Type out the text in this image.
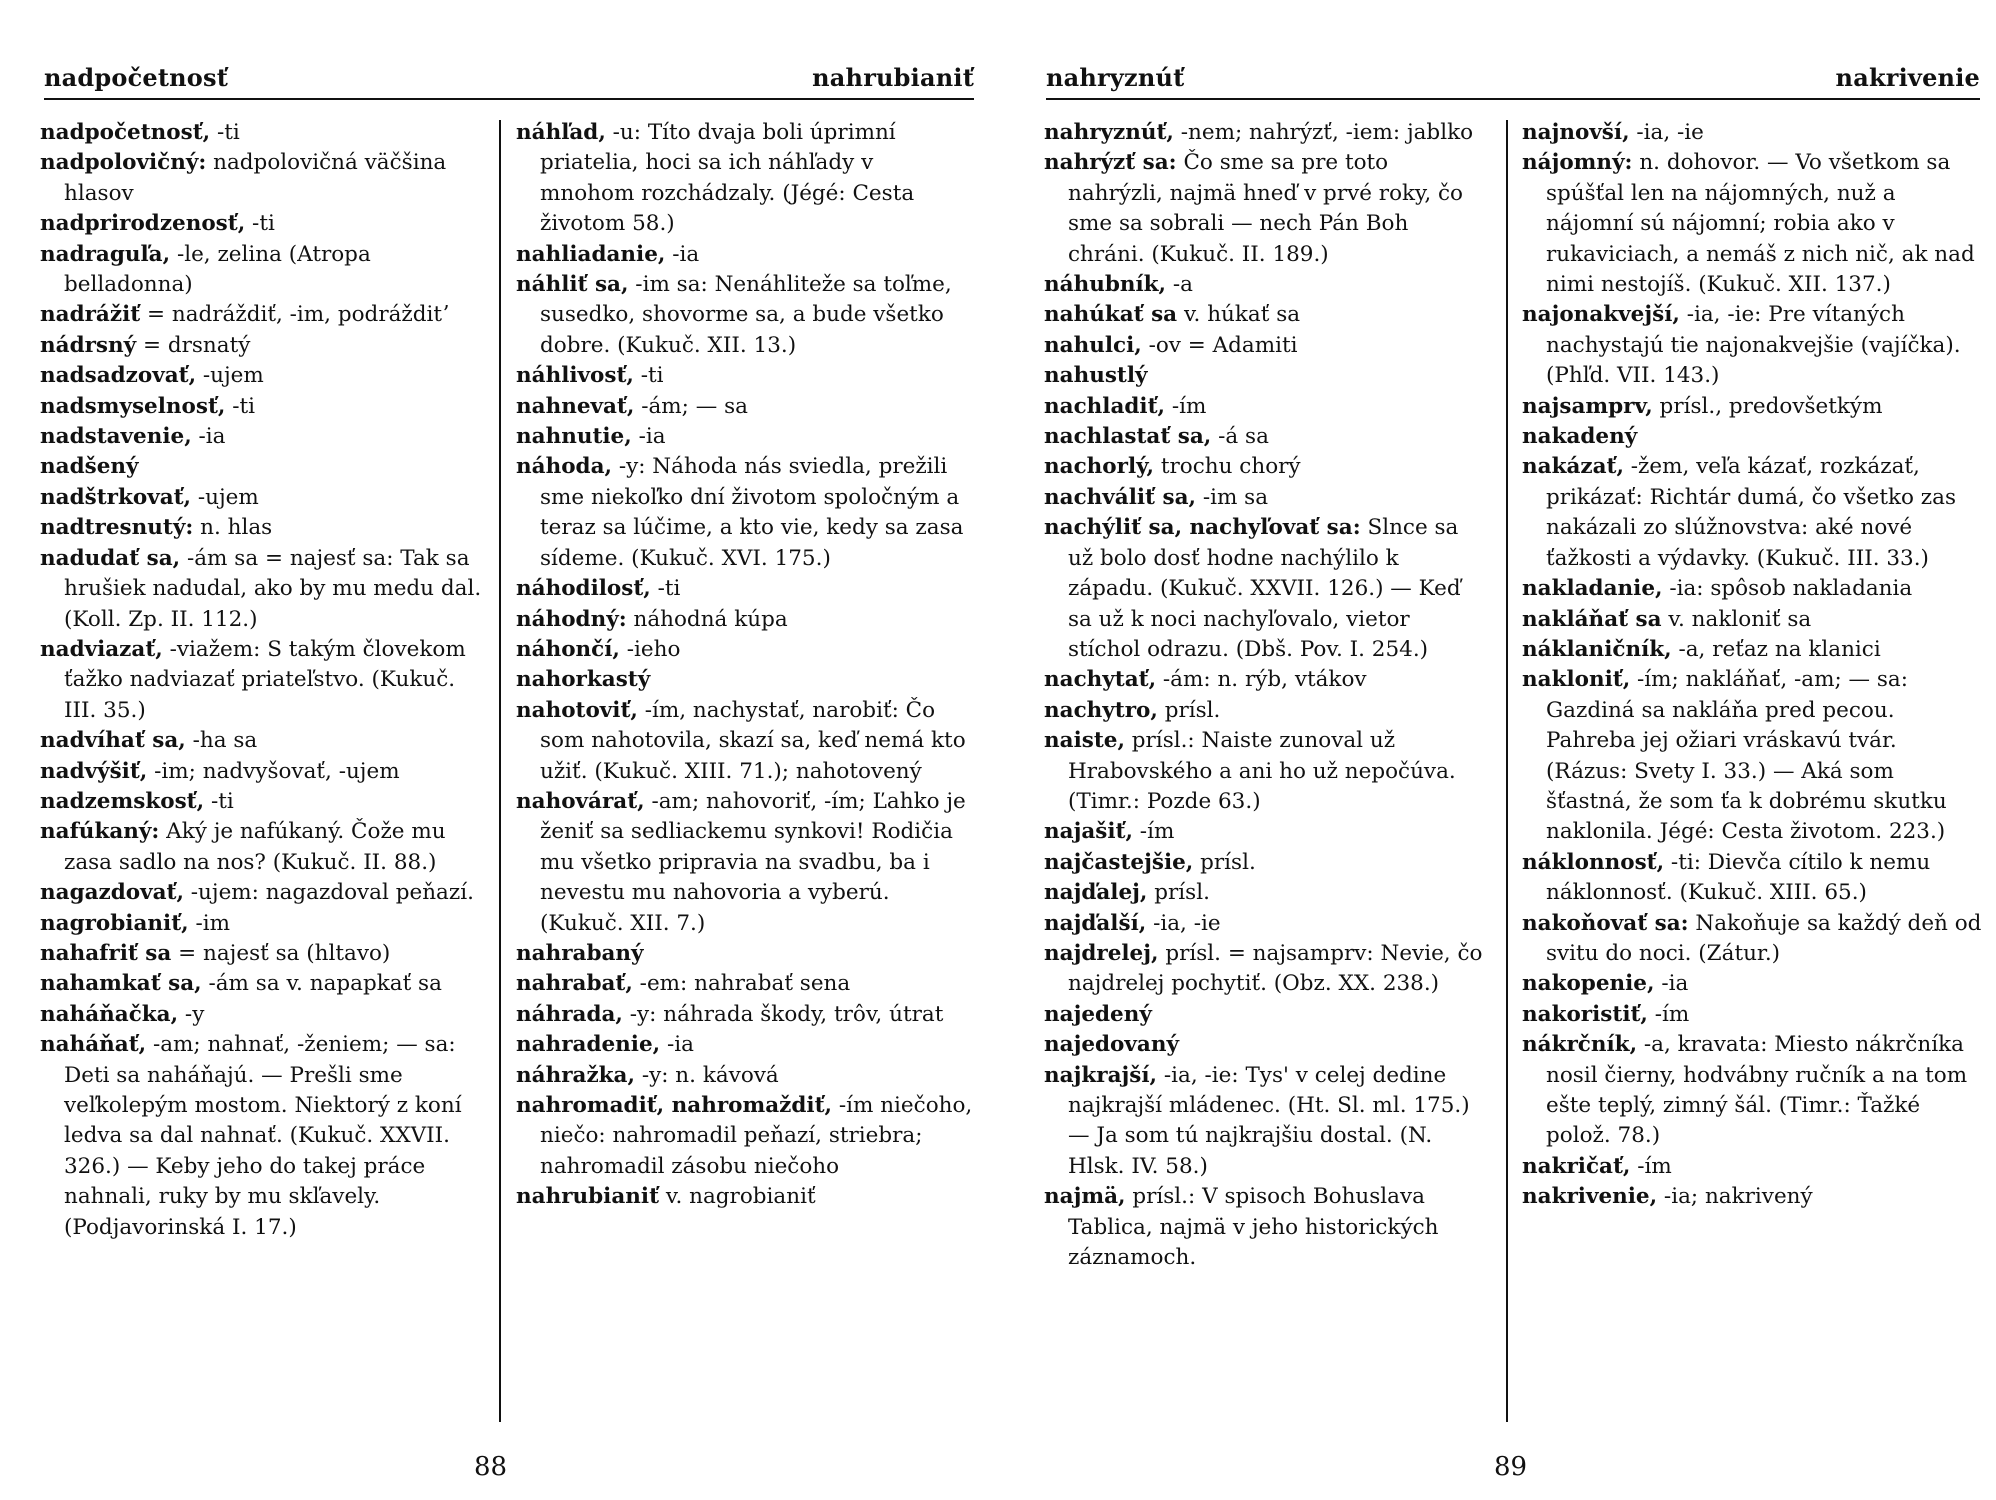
nadpočetnosť	nahrubianiť

nadpočetnosť, -ti

nadpolovičný: nadpolovičná väčšina hlasov

nadprirodzenosť, -ti

nadraguľa, -le, zelina (Atropa belladonna)

nadrážiť = nadráždiť, -im, podrážditʼ

nádrsný = drsnatý

nadsadzovať, -ujem

nadsmyselnosť, -ti

nadstavenie, -ia

nadšený

nadštrkovať, -ujem

nadtresnutý: n. hlas

nadudať sa, -ám sa = najesť sa: Tak sa hrušiek nadudal, ako by mu medu dal. (Koll. Zp. II. 112.)

nadviazať, -viažem: S takým človekom ťažko nadviazať priateľstvo. (Kukuč. III. 35.)

nadvíhať sa, -ha sa

nadvýšiť, -im; nadvyšovať, -ujem

nadzemskosť, -ti

nafúkaný: Aký je nafúkaný. Čože mu zasa sadlo na nos? (Kukuč. II. 88.)

nagazdovať, -ujem: nagazdoval peňazí.

nagrobianiť, -im

nahafriť sa = najesť sa (hltavo)

nahamkať sa, -ám sa v. napapkať sa

naháňačka, -y

naháňať, -am; nahnať, -ženiem; — sa: Deti sa naháňajú. — Prešli sme veľkolepým mostom. Niektorý z koní ledva sa dal nahnať. (Kukuč. XXVII. 326.) — Keby jeho do takej práce nahnali, ruky by mu skľavely. (Podjavorinská I. 17.)

náhľad, -u: Títo dvaja boli úprimní priatelia, hoci sa ich náhľady v mnohom rozchádzaly. (Jégé: Cesta životom 58.)

nahliadanie, -ia

náhliť sa, -im sa: Nenáhliteže sa toľme, susedko, shovorme sa, a bude všetko dobre. (Kukuč. XII. 13.)

náhlivosť, -ti

nahnevať, -ám; — sa

nahnutie, -ia

náhoda, -y: Náhoda nás sviedla, prežili sme niekoľko dní životom spoločným a teraz sa lúčime, a kto vie, kedy sa zasa sídeme. (Kukuč. XVI. 175.)

náhodilosť, -ti

náhodný: náhodná kúpa

náhončí, -ieho

nahorkastý

nahotoviť, -ím, nachystať, narobiť: Čo som nahotovila, skazí sa, keď nemá kto užiť. (Kukuč. XIII. 71.); nahotovený

nahovárať, -am; nahovoriť, -ím; Ľahko je ženiť sa sedliackemu synkovi! Rodičia mu všetko pripravia na svadbu, ba i nevestu mu nahovoria a vyberú. (Kukuč. XII. 7.)

nahrabaný

nahrabať, -em: nahrabať sena

náhrada, -y: náhrada škody, trôv, útrat

nahradenie, -ia

náhražka, -y: n. kávová

nahromadiť, nahromaždiť, -ím niečoho, niečo: nahromadil peňazí, striebra; nahromadil zásobu niečoho

nahrubianiť v. nagrobianiť

88
nahryznúť	nakrivenie

nahryznúť, -nem; nahrýzť, -iem: jablko

nahrýzť sa: Čo sme sa pre toto nahrýzli, najmä hneď v prvé roky, čo sme sa sobrali — nech Pán Boh chráni. (Kukuč. II. 189.)

náhubník, -a

nahúkať sa v. húkať sa

nahulci, -ov = Adamiti

nahustlý

nachladiť, -ím

nachlastať sa, -á sa

nachorlý, trochu chorý

nachváliť sa, -im sa

nachýliť sa, nachyľovať sa: Slnce sa už bolo dosť hodne nachýlilo k západu. (Kukuč. XXVII. 126.) — Keď sa už k noci nachyľovalo, vietor stíchol odrazu. (Dbš. Pov. I. 254.)

nachytať, -ám: n. rýb, vtákov

nachytro, prísl.

naiste, prísl.: Naiste zunoval už Hrabovského a ani ho už nepočúva. (Timr.: Pozde 63.)

najašiť, -ím

najčastejšie, prísl.

najďalej, prísl.

najďalší, -ia, -ie

najdrelej, prísl. = najsamprv: Nevie, čo najdrelej pochytiť. (Obz. XX. 238.)

najedený

najedovaný

najkrajší, -ia, -ie: Tys' v celej dedine najkrajší mládenec. (Ht. Sl. ml. 175.) — Ja som tú najkrajšiu dostal. (N. Hlsk. IV. 58.)

najmä, prísl.: V spisoch Bohuslava Tablica, najmä v jeho historických záznamoch.

najnovší, -ia, -ie

nájomný: n. dohovor. — Vo všetkom sa spúšťal len na nájomných, nuž a nájomní sú nájomní; robia ako v rukaviciach, a nemáš z nich nič, ak nad nimi nestojíš. (Kukuč. XII. 137.)

najonakvejší, -ia, -ie: Pre vítaných nachystajú tie najonakvejšie (vajíčka). (Phľd. VII. 143.)

najsamprv, prísl., predovšetkým

nakadený

nakázať, -žem, veľa kázať, rozkázať, prikázať: Richtár dumá, čo všetko zas nakázali zo slúžnovstva: aké nové ťažkosti a výdavky. (Kukuč. III. 33.)

nakladanie, -ia: spôsob nakladania

nakláňať sa v. nakloniť sa

náklaničník, -a, reťaz na klanici

nakloniť, -ím; nakláňať, -am; — sa: Gazdiná sa nakláňa pred pecou. Pahreba jej ožiari vráskavú tvár. (Rázus: Svety I. 33.) — Aká som šťastná, že som ťa k dobrému skutku naklonila. Jégé: Cesta životom. 223.)

náklonnosť, -ti: Dievča cítilo k nemu náklonnosť. (Kukuč. XIII. 65.)

nakoňovať sa: Nakoňuje sa každý deň od svitu do noci. (Zátur.)

nakopenie, -ia

nakoristiť, -ím

nákrčník, -a, kravata: Miesto nákrčníka nosil čierny, hodvábny ručník a na tom ešte teplý, zimný šál. (Timr.: Ťažké polož. 78.)

nakričať, -ím

nakrivenie, -ia; nakrivený

89
